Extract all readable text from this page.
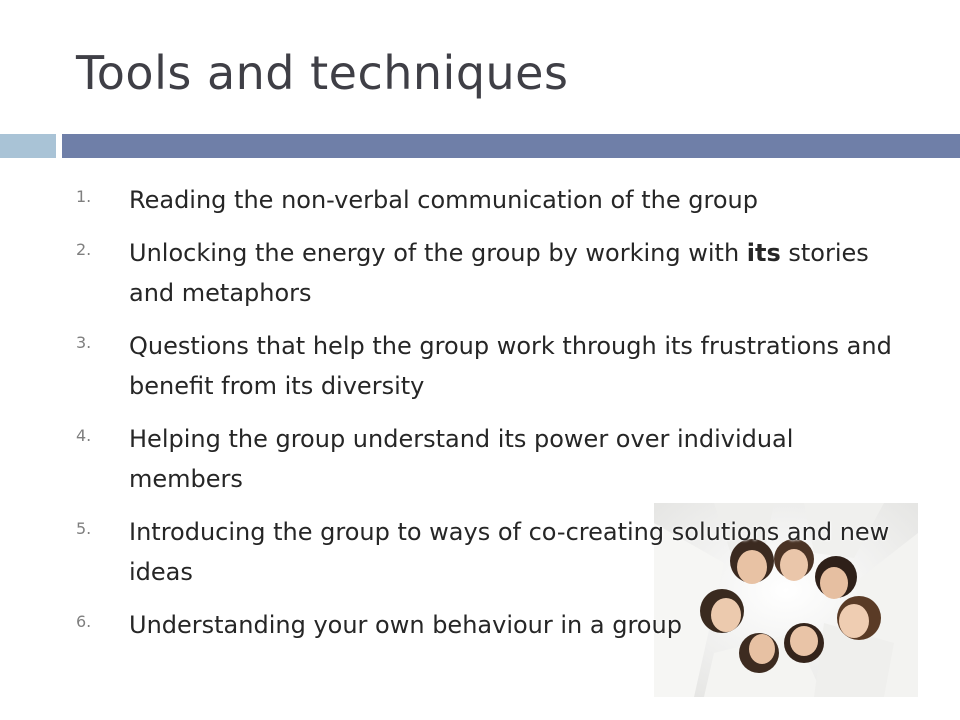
Tools and techniques
1. Reading the non-verbal communication of the group
2. Unlocking the energy of the group by working with its stories and metaphors
3. Questions that help the group work through its frustrations and benefit from its diversity
4. Helping the group understand its power over individual members
5. Introducing the group to ways of co-creating solutions and new ideas
6. Understanding your own behaviour in a group
